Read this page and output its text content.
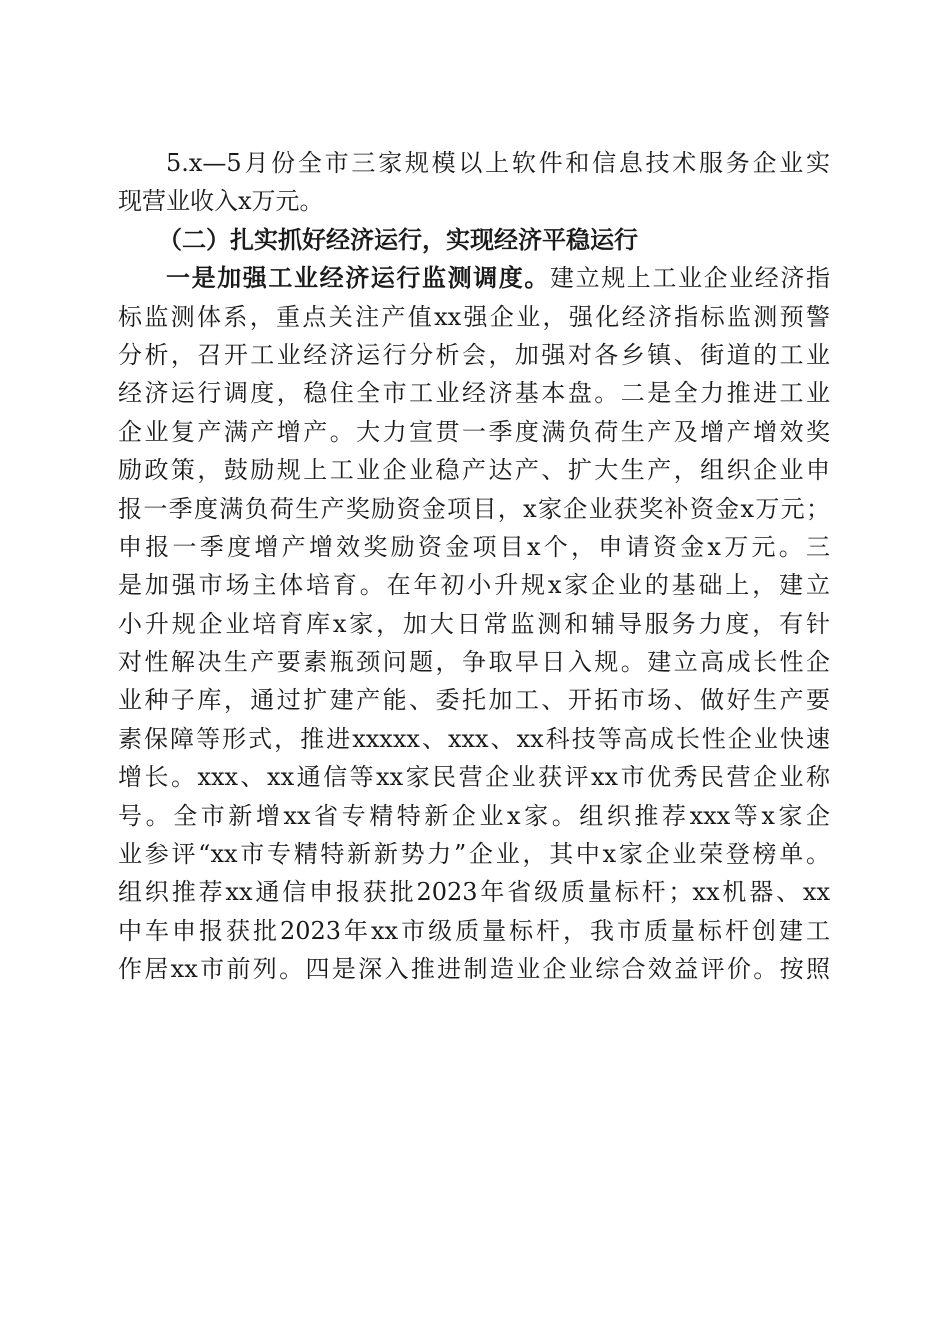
5.x—5月份全市三家规模以上软件和信息技术服务企业实
现营业收入x万元。
（二）扎实抓好经济运行，实现经济平稳运行
一是加强工业经济运行监测调度。建立规上工业企业经济指
标监测体系，重点关注产值xx强企业，强化经济指标监测预警
分析，召开工业经济运行分析会，加强对各乡镇、街道的工业
经济运行调度，稳住全市工业经济基本盘。二是全力推进工业
企业复产满产增产。大力宣贯一季度满负荷生产及增产增效奖
励政策，鼓励规上工业企业稳产达产、扩大生产，组织企业申
报一季度满负荷生产奖励资金项目，x家企业获奖补资金x万元；
申报一季度增产增效奖励资金项目x个，申请资金x万元。三
是加强市场主体培育。在年初小升规x家企业的基础上，建立
小升规企业培育库x家，加大日常监测和辅导服务力度，有针
对性解决生产要素瓶颈问题，争取早日入规。建立高成长性企
业种子库，通过扩建产能、委托加工、开拓市场、做好生产要
素保障等形式，推进xxxxx、xxx、xx科技等高成长性企业快速
增长。xxx、xx通信等xx家民营企业获评xx市优秀民营企业称
号。全市新增xx省专精特新企业x家。组织推荐xxx等x家企
业参评“xx市专精特新新势力”企业，其中x家企业荣登榜单。
组织推荐xx通信申报获批2023年省级质量标杆；xx机器、xx
中车申报获批2023年xx市级质量标杆，我市质量标杆创建工
作居xx市前列。四是深入推进制造业企业综合效益评价。按照
